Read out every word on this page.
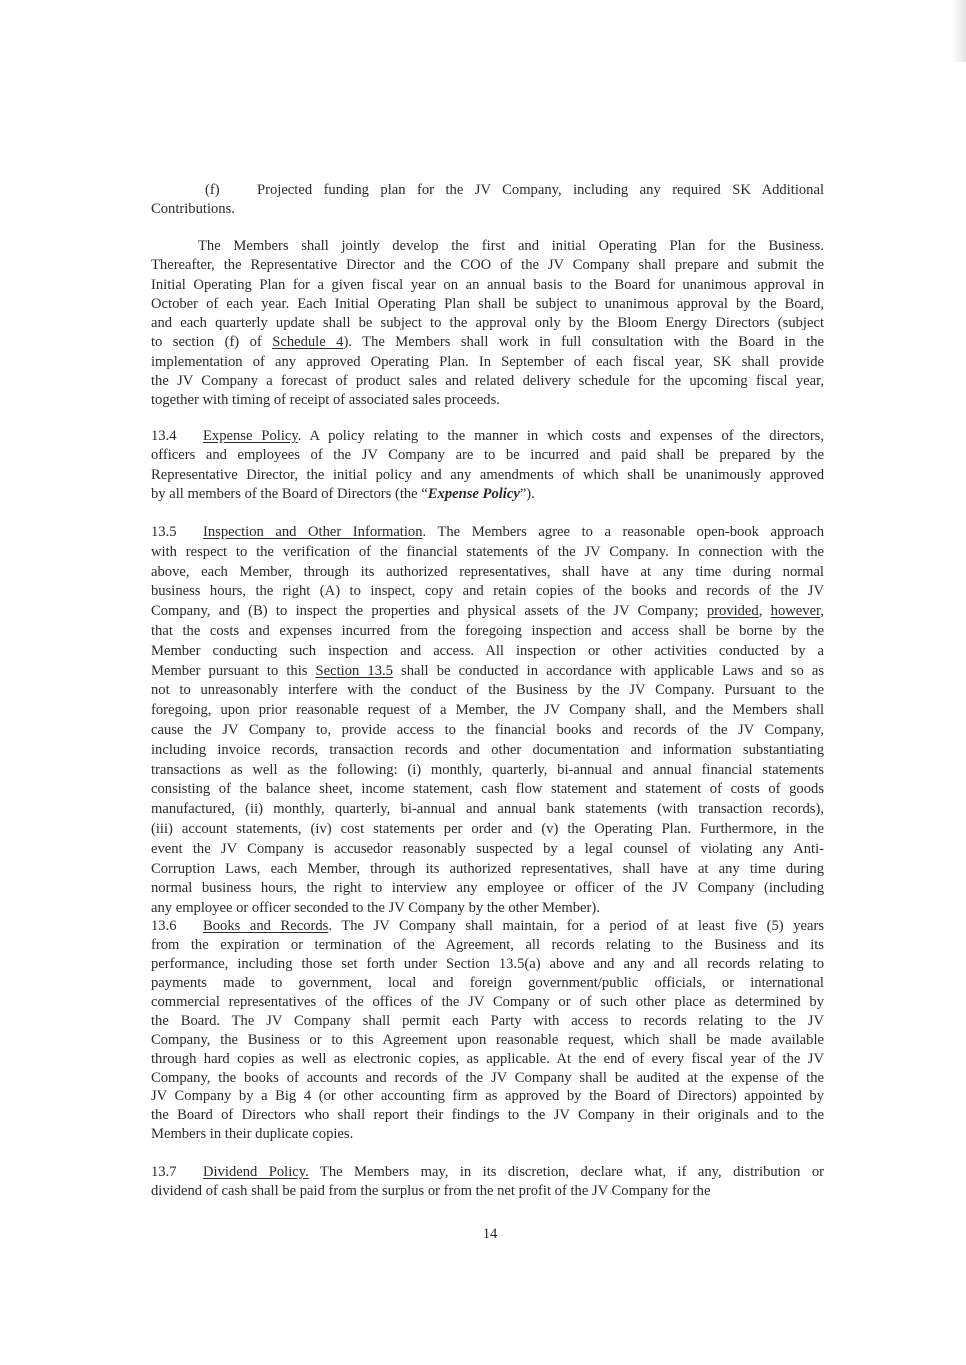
(f)	Projected funding plan for the JV Company, including any required SK Additional
Contributions.
The Members shall jointly develop the first and initial Operating Plan for the Business.
Thereafter, the Representative Director and the COO of the JV Company shall prepare and submit the
Initial Operating Plan for a given fiscal year on an annual basis to the Board for unanimous approval in
October of each year. Each Initial Operating Plan shall be subject to unanimous approval by the Board,
and each quarterly update shall be subject to the approval only by the Bloom Energy Directors (subject
to section (f) of Schedule 4). The Members shall work in full consultation with the Board in the
implementation of any approved Operating Plan. In September of each fiscal year, SK shall provide
the JV Company a forecast of product sales and related delivery schedule for the upcoming fiscal year,
together with timing of receipt of associated sales proceeds.
13.4 Expense Policy. A policy relating to the manner in which costs and expenses of the directors,
officers and employees of the JV Company are to be incurred and paid shall be prepared by the
Representative Director, the initial policy and any amendments of which shall be unanimously approved
by all members of the Board of Directors (the “Expense Policy”).
13.5 Inspection and Other Information. The Members agree to a reasonable open-book approach
with respect to the verification of the financial statements of the JV Company. In connection with the
above, each Member, through its authorized representatives, shall have at any time during normal
business hours, the right (A) to inspect, copy and retain copies of the books and records of the JV
Company, and (B) to inspect the properties and physical assets of the JV Company; provided, however,
that the costs and expenses incurred from the foregoing inspection and access shall be borne by the
Member conducting such inspection and access. All inspection or other activities conducted by a
Member pursuant to this Section 13.5 shall be conducted in accordance with applicable Laws and so as
not to unreasonably interfere with the conduct of the Business by the JV Company. Pursuant to the
foregoing, upon prior reasonable request of a Member, the JV Company shall, and the Members shall
cause the JV Company to, provide access to the financial books and records of the JV Company,
including invoice records, transaction records and other documentation and information substantiating
transactions as well as the following: (i) monthly, quarterly, bi-annual and annual financial statements
consisting of the balance sheet, income statement, cash flow statement and statement of costs of goods
manufactured, (ii) monthly, quarterly, bi-annual and annual bank statements (with transaction records),
(iii) account statements, (iv) cost statements per order and (v) the Operating Plan. Furthermore, in the
event the JV Company is accusedor reasonably suspected by a legal counsel of violating any Anti-
Corruption Laws, each Member, through its authorized representatives, shall have at any time during
normal business hours, the right to interview any employee or officer of the JV Company (including
any employee or officer seconded to the JV Company by the other Member).
13.6 Books and Records. The JV Company shall maintain, for a period of at least five (5) years
from the expiration or termination of the Agreement, all records relating to the Business and its
performance, including those set forth under Section 13.5(a) above and any and all records relating to
payments made to government, local and foreign government/public officials, or international
commercial representatives of the offices of the JV Company or of such other place as determined by
the Board. The JV Company shall permit each Party with access to records relating to the JV
Company, the Business or to this Agreement upon reasonable request, which shall be made available
through hard copies as well as electronic copies, as applicable. At the end of every fiscal year of the JV
Company, the books of accounts and records of the JV Company shall be audited at the expense of the
JV Company by a Big 4 (or other accounting firm as approved by the Board of Directors) appointed by
the Board of Directors who shall report their findings to the JV Company in their originals and to the
Members in their duplicate copies.
13.7 Dividend Policy. The Members may, in its discretion, declare what, if any, distribution or
dividend of cash shall be paid from the surplus or from the net profit of the JV Company for the
14
